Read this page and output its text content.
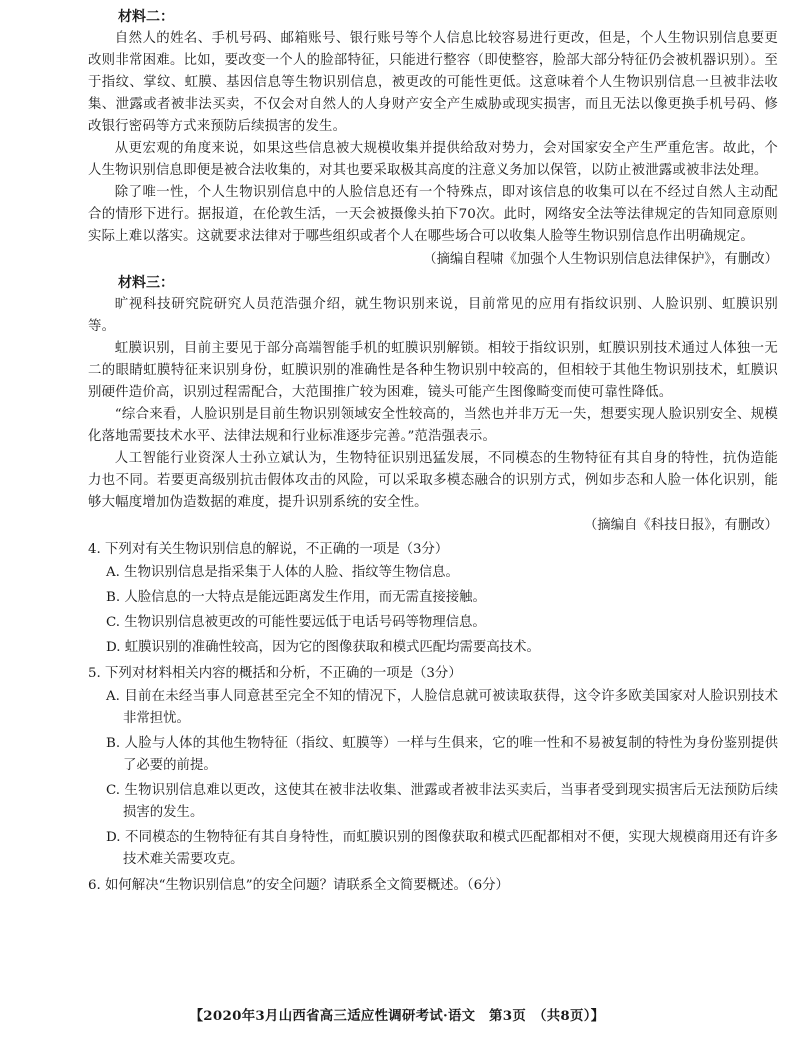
材料二：

自然人的姓名、手机号码、邮箱账号、银行账号等个人信息比较容易进行更改，但是，个人生物识别信息要更改则非常困难。比如，要改变一个人的脸部特征，只能进行整容（即使整容，脸部大部分特征仍会被机器识别）。至于指纹、掌纹、虹膜、基因信息等生物识别信息，被更改的可能性更低。这意味着个人生物识别信息一旦被非法收集、泄露或者被非法买卖，不仅会对自然人的人身财产安全产生威胁或现实损害，而且无法以像更换手机号码、修改银行密码等方式来预防后续损害的发生。

从更宏观的角度来说，如果这些信息被大规模收集并提供给敌对势力，会对国家安全产生严重危害。故此，个人生物识别信息即便是被合法收集的，对其也要采取极其高度的注意义务加以保管，以防止被泄露或被非法处理。

除了唯一性，个人生物识别信息中的人脸信息还有一个特殊点，即对该信息的收集可以在不经过自然人主动配合的情形下进行。据报道，在伦敦生活，一天会被摄像头拍下70次。此时，网络安全法等法律规定的告知同意原则实际上难以落实。这就要求法律对于哪些组织或者个人在哪些场合可以收集人脸等生物识别信息作出明确规定。

（摘编自程啸《加强个人生物识别信息法律保护》，有删改）

材料三：

旷视科技研究院研究人员范浩强介绍，就生物识别来说，目前常见的应用有指纹识别、人脸识别、虹膜识别等。

虹膜识别，目前主要见于部分高端智能手机的虹膜识别解锁。相较于指纹识别，虹膜识别技术通过人体独一无二的眼睛虹膜特征来识别身份，虹膜识别的准确性是各种生物识别中较高的，但相较于其他生物识别技术，虹膜识别硬件造价高，识别过程需配合，大范围推广较为困难，镜头可能产生图像畸变而使可靠性降低。

“综合来看，人脸识别是目前生物识别领域安全性较高的，当然也并非万无一失，想要实现人脸识别安全、规模化落地需要技术水平、法律法规和行业标准逐步完善。”范浩强表示。

人工智能行业资深人士孙立斌认为，生物特征识别迅猛发展，不同模态的生物特征有其自身的特性，抗伪造能力也不同。若要更高级别抗击假体攻击的风险，可以采取多模态融合的识别方式，例如步态和人脸一体化识别，能够大幅度增加伪造数据的难度，提升识别系统的安全性。

（摘编自《科技日报》，有删改）

4. 下列对有关生物识别信息的解说，不正确的一项是（3分）

A. 生物识别信息是指采集于人体的人脸、指纹等生物信息。

B. 人脸信息的一大特点是能远距离发生作用，而无需直接接触。

C. 生物识别信息被更改的可能性要远低于电话号码等物理信息。

D. 虹膜识别的准确性较高，因为它的图像获取和模式匹配均需要高技术。

5. 下列对材料相关内容的概括和分析，不正确的一项是（3分）

A. 目前在未经当事人同意甚至完全不知的情况下，人脸信息就可被读取获得，这令许多欧美国家对人脸识别技术非常担忧。

B. 人脸与人体的其他生物特征（指纹、虹膜等）一样与生俱来，它的唯一性和不易被复制的特性为身份鉴别提供了必要的前提。

C. 生物识别信息难以更改，这使其在被非法收集、泄露或者被非法买卖后，当事者受到现实损害后无法预防后续损害的发生。

D. 不同模态的生物特征有其自身特性，而虹膜识别的图像获取和模式匹配都相对不便，实现大规模商用还有许多技术难关需要攻克。

6. 如何解决“生物识别信息”的安全问题？请联系全文简要概述。（6分）

【2020年3月山西省高三适应性调研考试·语文　第3页　（共8页）】
